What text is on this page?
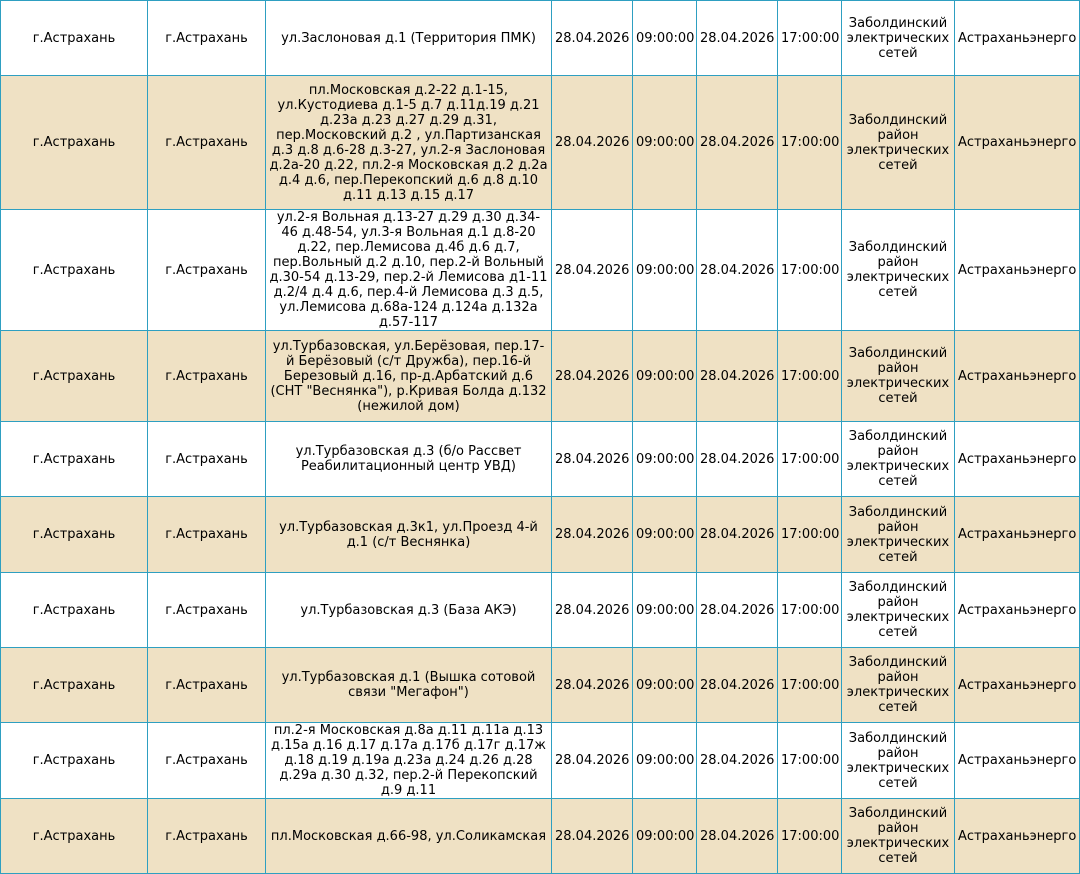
г.Астрахань	г.Астрахань	ул.Заслоновая д.1 (Территория ПМК)	28.04.2026	09:00:00	28.04.2026	17:00:00	Заболдинский электрических сетей	Астраханьэнерго
г.Астрахань	г.Астрахань	пл.Московская д.2-22 д.1-15, ул.Кустодиева д.1-5 д.7 д.11д.19 д.21 д.23а д.23 д.27 д.29 д.31, пер.Московский д.2 , ул.Партизанская д.3 д.8 д.6-28 д.3-27, ул.2-я Заслоновая д.2а-20 д.22, пл.2-я Московская д.2 д.2а д.4 д.6, пер.Перекопский д.6 д.8 д.10 д.11 д.13 д.15 д.17	28.04.2026	09:00:00	28.04.2026	17:00:00	Заболдинский район электрических сетей	Астраханьэнерго
г.Астрахань	г.Астрахань	ул.2-я Вольная д.13-27 д.29 д.30 д.34-46 д.48-54, ул.3-я Вольная д.1 д.8-20 д.22, пер.Лемисова д.4б д.6 д.7, пер.Вольный д.2 д.10, пер.2-й Вольный д.30-54 д.13-29, пер.2-й Лемисова д1-11 д.2/4 д.4 д.6, пер.4-й Лемисова д.3 д.5, ул.Лемисова д.68а-124 д.124а д.132а д.57-117	28.04.2026	09:00:00	28.04.2026	17:00:00	Заболдинский район электрических сетей	Астраханьэнерго
г.Астрахань	г.Астрахань	ул.Турбазовская, ул.Берёзовая, пер.17-й Берёзовый (с/т Дружба), пер.16-й Березовый д.16, пр-д.Арбатский д.6 (СНТ "Веснянка"), р.Кривая Болда д.132 (нежилой дом)	28.04.2026	09:00:00	28.04.2026	17:00:00	Заболдинский район электрических сетей	Астраханьэнерго
г.Астрахань	г.Астрахань	ул.Турбазовская д.3 (б/о Рассвет Реабилитационный центр УВД)	28.04.2026	09:00:00	28.04.2026	17:00:00	Заболдинский район электрических сетей	Астраханьэнерго
г.Астрахань	г.Астрахань	ул.Турбазовская д.3к1, ул.Проезд 4-й д.1 (с/т Веснянка)	28.04.2026	09:00:00	28.04.2026	17:00:00	Заболдинский район электрических сетей	Астраханьэнерго
г.Астрахань	г.Астрахань	ул.Турбазовская д.3 (База АКЭ)	28.04.2026	09:00:00	28.04.2026	17:00:00	Заболдинский район электрических сетей	Астраханьэнерго
г.Астрахань	г.Астрахань	ул.Турбазовская д.1 (Вышка сотовой связи "Мегафон")	28.04.2026	09:00:00	28.04.2026	17:00:00	Заболдинский район электрических сетей	Астраханьэнерго
г.Астрахань	г.Астрахань	пл.2-я Московская д.8а д.11 д.11а д.13 д.15а д.16 д.17 д.17а д.17б д.17г д.17ж д.18 д.19 д.19а д.23а д.24 д.26 д.28 д.29а д.30 д.32, пер.2-й Перекопский д.9 д.11	28.04.2026	09:00:00	28.04.2026	17:00:00	Заболдинский район электрических сетей	Астраханьэнерго
г.Астрахань	г.Астрахань	пл.Московская д.66-98, ул.Соликамская	28.04.2026	09:00:00	28.04.2026	17:00:00	Заболдинский район электрических сетей	Астраханьэнерго
